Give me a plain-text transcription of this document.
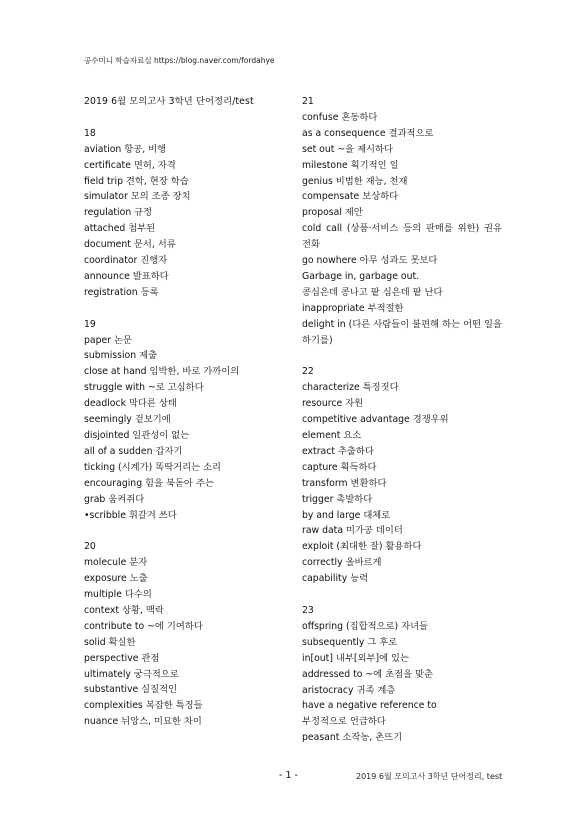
공수미니 학습자료실 https://blog.naver.com/fordahye
2019 6월 모의고사 3학년 단어정리/test
18
aviation 항공, 비행
certificate 면허, 자격
field trip 견학, 현장 학습
simulator 모의 조종 장치
regulation 규정
attached 첨부된
document 문서, 서류
coordinator 진행자
announce 발표하다
registration 등록
19
paper 논문
submission 제출
close at hand 임박한, 바로 가까이의
struggle with ~로 고심하다
deadlock 막다른 상태
seemingly 겉보기에
disjointed 일관성이 없는
all of a sudden 갑자기
ticking (시계가) 똑딱거리는 소리
encouraging 힘을 북돋아 주는
grab 움켜쥐다
•scribble 휘갈겨 쓰다
20
molecule 분자
exposure 노출
multiple 다수의
context 상황, 맥락
contribute to ~에 기여하다
solid 확실한
perspective 관점
ultimately 궁극적으로
substantive 실질적인
complexities 복잡한 특징들
nuance 뉘앙스, 미묘한 차이
21
confuse 혼동하다
as a consequence 결과적으로
set out ~을 제시하다
milestone 획기적인 일
genius 비범한 재능, 천재
compensate 보상하다
proposal 제안
cold call (상품·서비스 등의 판매를 위한) 권유 전화
go nowhere 아무 성과도 못보다
Garbage in, garbage out.
콩심은데 콩나고 팥 심은데 팥 난다
inappropriate 부적절한
delight in (다른 사람들이 불편해 하는 어떤 일을 하기를)
22
characterize 특징짓다
resource 자원
competitive advantage 경쟁우위
element 요소
extract 추출하다
capture 획득하다
transform 변환하다
trigger 촉발하다
by and large 대체로
raw data 미가공 데이터
exploit (최대한 잘) 활용하다
correctly 올바르게
capability 능력
23
offspring (집합적으로) 자녀들
subsequently 그 후로
in[out] 내부[외부]에 있는
addressed to ~에 초점을 맞춘
aristocracy 귀족 계층
have a negative reference to
부정적으로 언급하다
peasant 소작농, 촌뜨기
- 1 -	2019 6월 모의고사 3학년 단어정리, test
